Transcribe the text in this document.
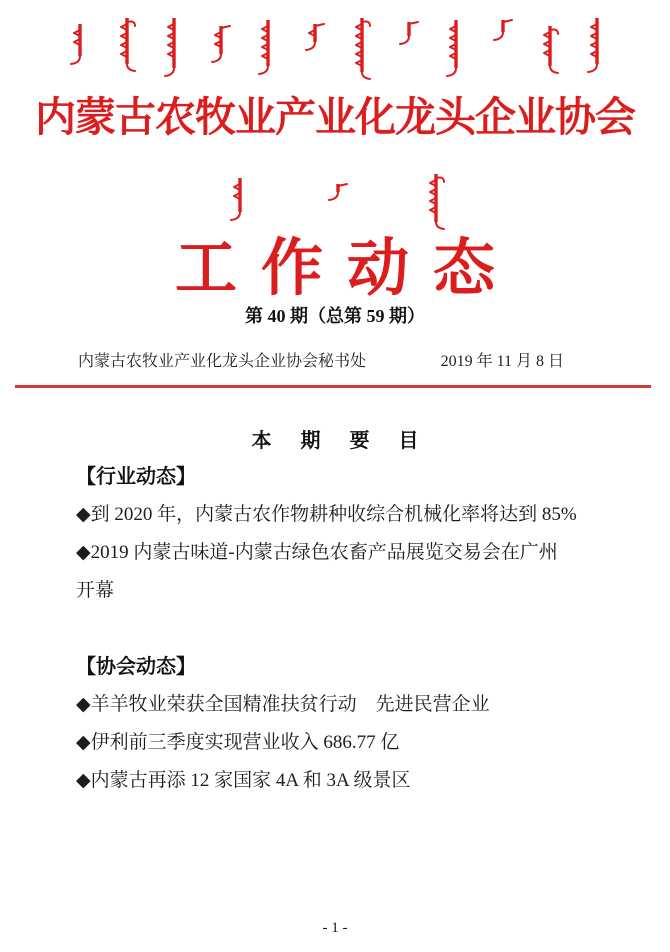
内蒙古农牧业产业化龙头企业协会
工作动态
第 40 期（总第 59 期）
内蒙古农牧业产业化龙头企业协会秘书处	2019 年 11 月 8 日
本 期 要 目
【行业动态】
◆到 2020 年，内蒙古农作物耕种收综合机械化率将达到 85%
◆2019 内蒙古味道-内蒙古绿色农畜产品展览交易会在广州
开幕
【协会动态】
◆羊羊牧业荣获全国精准扶贫行动　先进民营企业
◆伊利前三季度实现营业收入 686.77 亿
◆内蒙古再添 12 家国家 4A 和 3A 级景区
- 1 -
